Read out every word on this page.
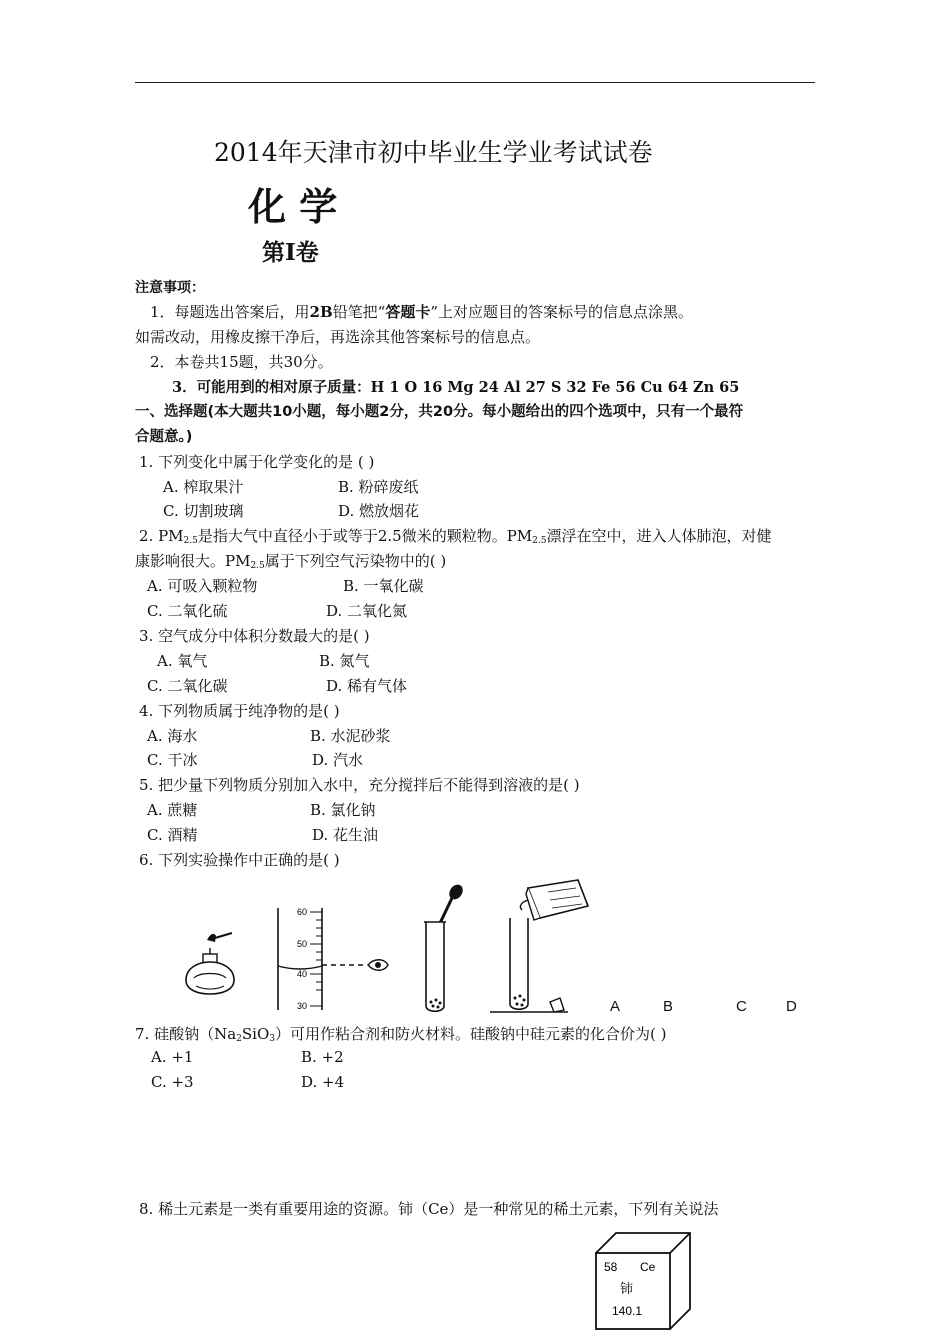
2014年天津市初中毕业生学业考试试卷
化 学
第I卷
注意事项：
1．每题选出答案后，用2B铅笔把“答题卡”上对应题目的答案标号的信息点涂黑。
如需改动，用橡皮擦干净后，再选涂其他答案标号的信息点。
2．本卷共15题，共30分。
3．可能用到的相对原子质量：H 1 O 16 Mg 24 Al 27 S 32 Fe 56 Cu 64 Zn 65
一、选择题(本大题共10小题，每小题2分，共20分。每小题给出的四个选项中，只有一个最符
合题意。)
1. 下列变化中属于化学变化的是 ( )
A. 榨取果汁	B. 粉碎废纸
C. 切割玻璃	D. 燃放烟花
2. $PM_{2.5}$是指大气中直径小于或等于2.5微米的颗粒物。$PM_{2.5}$漂浮在空中，进入人体肺泡，对健
康影响很大。$PM_{2.5}$属于下列空气污染物中的( )
A. 可吸入颗粒物	B. 一氧化碳
C. 二氧化硫	D. 二氧化氮
3. 空气成分中体积分数最大的是( )
A. 氧气	B. 氮气
C. 二氧化碳	D. 稀有气体
4. 下列物质属于纯净物的是( )
A. 海水	B. 水泥砂浆
C. 干冰	D. 汽水
5. 把少量下列物质分别加入水中，充分搅拌后不能得到溶液的是( )
A. 蔗糖	B. 氯化钠
C. 酒精	D. 花生油
6. 下列实验操作中正确的是( )
60
50
40
30	A	B	C	D
7. 硅酸钠$(Na_2SiO_3)$可用作粘合剂和防火材料。硅酸钠中硅元素的化合价为( )
A. +1	B. +2
C. +3	D. +4
8. 稀土元素是一类有重要用途的资源。铈（Ce）是一种常见的稀土元素，下列有关说法
58 Ce
铈
140.1
